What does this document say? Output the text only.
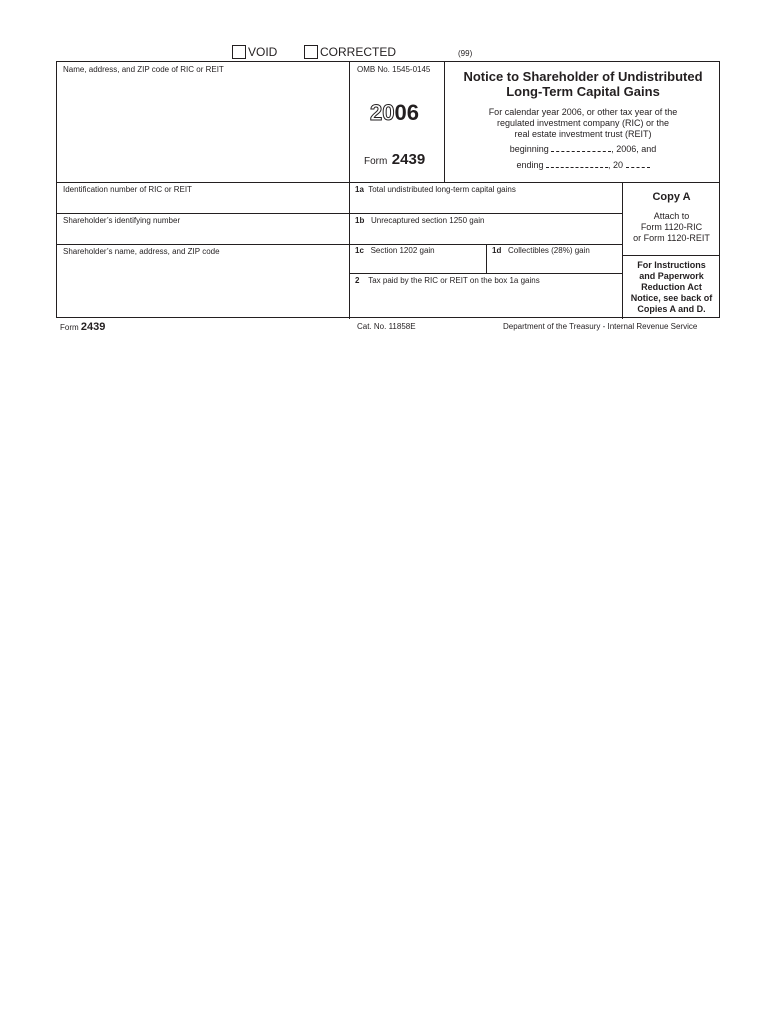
VOID	CORRECTED	(99)
Name, address, and ZIP code of RIC or REIT
Identification number of RIC or REIT
Shareholder’s identifying number
Shareholder’s name, address, and ZIP code
OMB No. 1545-0145
2006
Form 2439
Notice to Shareholder of Undistributed
Long-Term Capital Gains
For calendar year 2006, or other tax year of the
regulated investment company (RIC) or the
real estate investment trust (REIT)
beginning	, 2006, and
ending	, 20
1a Total undistributed long-term capital gains
1b Unrecaptured section 1250 gain
1c Section 1202 gain	1d Collectibles (28%) gain
2 Tax paid by the RIC or REIT on the box 1a gains
Copy A
Attach to
Form 1120-RIC
or Form 1120-REIT
For Instructions
and Paperwork
Reduction Act
Notice, see back of
Copies A and D.
Form 2439	Cat. No. 11858E	Department of the Treasury - Internal Revenue Service
